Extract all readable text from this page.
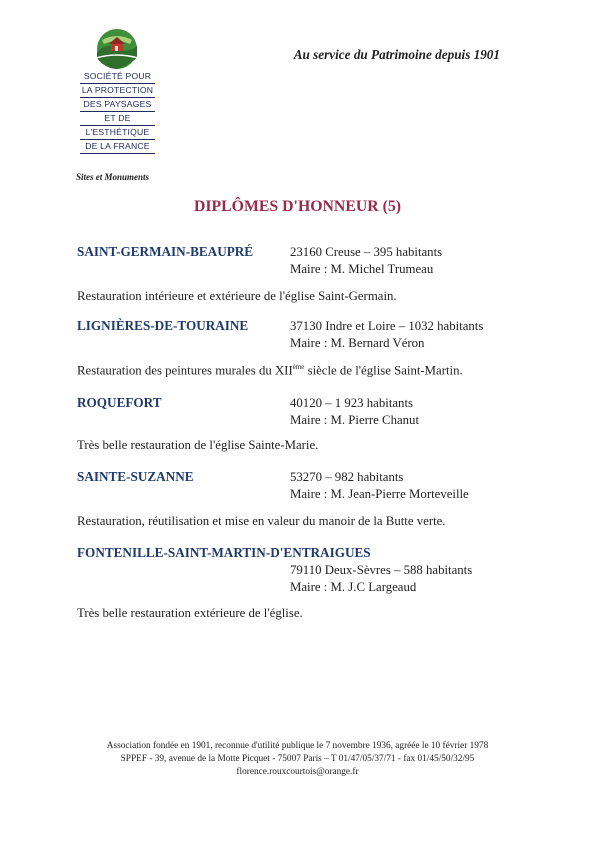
SOCIÉTÉ POUR
LA PROTECTION
DES PAYSAGES
ET DE
L'ESTHÉTIQUE
DE LA FRANCE
Sites et Monuments
Au service du Patrimoine depuis 1901
DIPLÔMES D'HONNEUR (5)
SAINT-GERMAIN-BEAUPRÉ	23160 Creuse – 395 habitants
Maire : M. Michel Trumeau
Restauration intérieure et extérieure de l'église Saint-Germain.
LIGNIÈRES-DE-TOURAINE	37130 Indre et Loire – 1032 habitants
Maire : M. Bernard Véron
Restauration des peintures murales du XIIème siècle de l'église Saint-Martin.
ROQUEFORT	40120 – 1 923 habitants
Maire : M. Pierre Chanut
Très belle restauration de l'église Sainte-Marie.
SAINTE-SUZANNE	53270 – 982 habitants
Maire : M. Jean-Pierre Morteveille
Restauration, réutilisation et mise en valeur du manoir de la Butte verte.
FONTENILLE-SAINT-MARTIN-D'ENTRAIGUES
79110 Deux-Sèvres – 588 habitants
Maire : M. J.C Largeaud
Très belle restauration extérieure de l'église.
Association fondée en 1901, reconnue d'utilité publique le 7 novembre 1936, agréée le 10 février 1978
SPPEF - 39, avenue de la Motte Picquet - 75007 Paris – T 01/47/05/37/71 - fax 01/45/50/32/95
florence.rouxcourtois@orange.fr
